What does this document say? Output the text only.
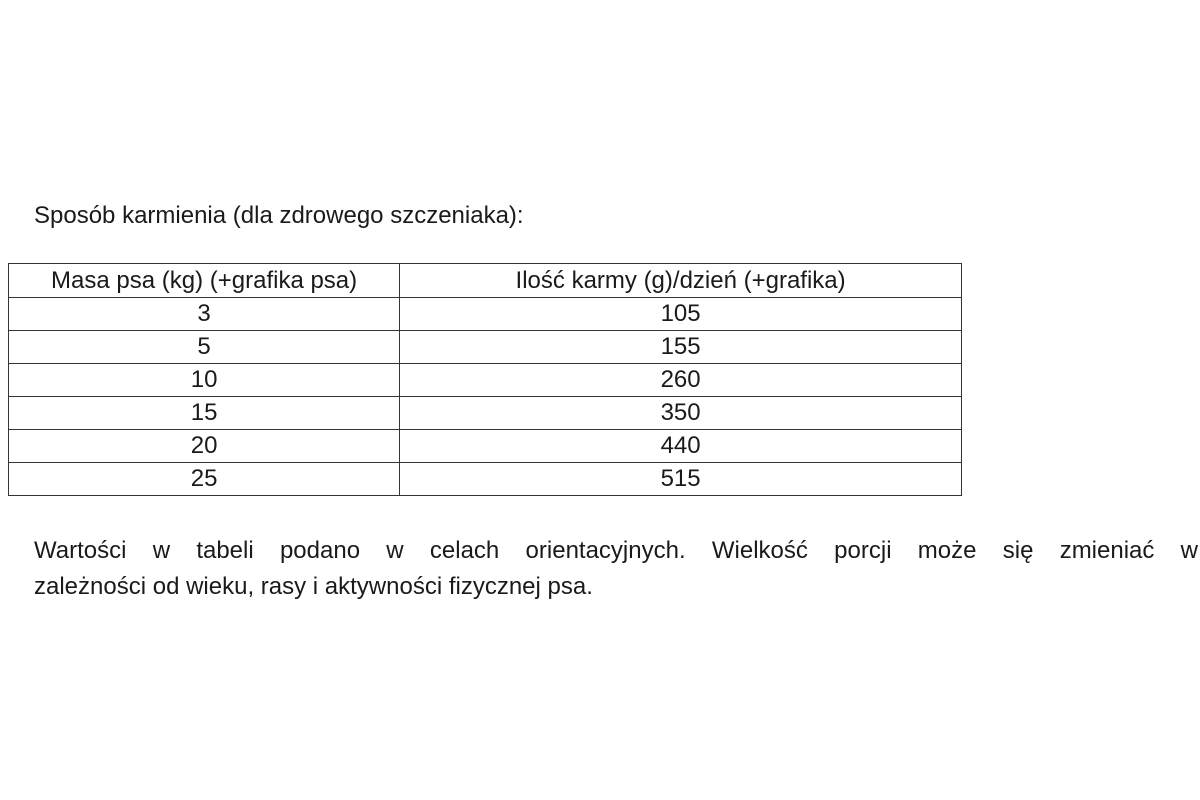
Sposób karmienia (dla zdrowego szczeniaka):
Masa psa (kg) (+grafika psa)	Ilość karmy (g)/dzień (+grafika)
3	105
5	155
10	260
15	350
20	440
25	515
Wartości w tabeli podano w celach orientacyjnych. Wielkość porcji może się zmieniać w
zależności od wieku, rasy i aktywności fizycznej psa.
